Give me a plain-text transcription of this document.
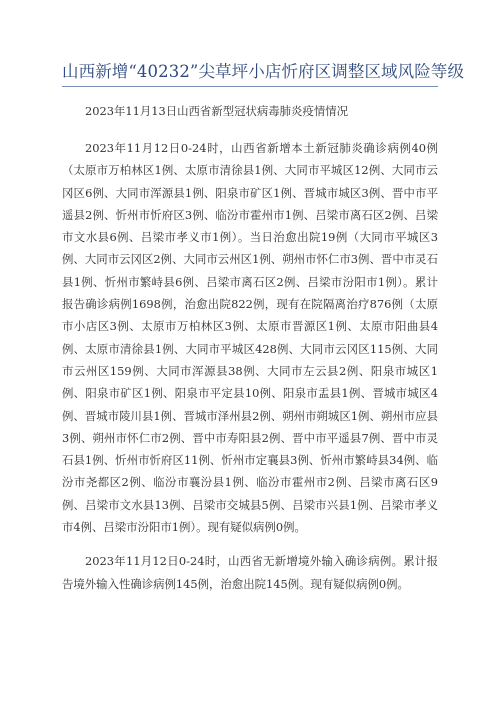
山西新增“40232”尖草坪小店忻府区调整区域风险等级

2023年11月13日山西省新型冠状病毒肺炎疫情情况

2023年11月12日0-24时，山西省新增本土新冠肺炎确诊病例40例（太原市万柏林区1例、太原市清徐县1例、大同市平城区12例、大同市云冈区6例、大同市浑源县1例、阳泉市矿区1例、晋城市城区3例、晋中市平遥县2例、忻州市忻府区3例、临汾市霍州市1例、吕梁市离石区2例、吕梁市文水县6例、吕梁市孝义市1例）。当日治愈出院19例（大同市平城区3例、大同市云冈区2例、大同市云州区1例、朔州市怀仁市3例、晋中市灵石县1例、忻州市繁峙县6例、吕梁市离石区2例、吕梁市汾阳市1例）。累计报告确诊病例1698例，治愈出院822例，现有在院隔离治疗876例（太原市小店区3例、太原市万柏林区3例、太原市晋源区1例、太原市阳曲县4例、太原市清徐县1例、大同市平城区428例、大同市云冈区115例、大同市云州区159例、大同市浑源县38例、大同市左云县2例、阳泉市城区1例、阳泉市矿区1例、阳泉市平定县10例、阳泉市盂县1例、晋城市城区4例、晋城市陵川县1例、晋城市泽州县2例、朔州市朔城区1例、朔州市应县3例、朔州市怀仁市2例、晋中市寿阳县2例、晋中市平遥县7例、晋中市灵石县1例、忻州市忻府区11例、忻州市定襄县3例、忻州市繁峙县34例、临汾市尧都区2例、临汾市襄汾县1例、临汾市霍州市2例、吕梁市离石区9例、吕梁市文水县13例、吕梁市交城县5例、吕梁市兴县1例、吕梁市孝义市4例、吕梁市汾阳市1例）。现有疑似病例0例。

2023年11月12日0-24时，山西省无新增境外输入确诊病例。累计报告境外输入性确诊病例145例，治愈出院145例。现有疑似病例0例。
